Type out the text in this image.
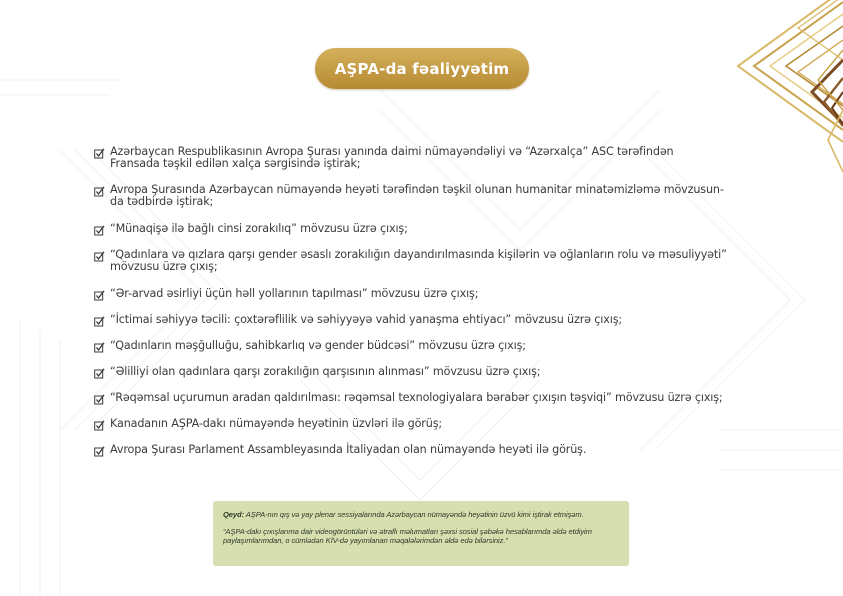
AŞPA-da fəaliyyətim
Azərbaycan Respublikasının Avropa Şurası yanında daimi nümayəndəliyi və “Azərxalça” ASC tərəfindən
Fransada təşkil edilən xalça sərgisində iştirak;
Avropa Şurasında Azərbaycan nümayəndə heyəti tərəfindən təşkil olunan humanitar minatəmizləmə mövzusun-
da tədbirdə iştirak;
“Münaqişə ilə bağlı cinsi zorakılıq” mövzusu üzrə çıxış;
“Qadınlara və qızlara qarşı gender əsaslı zorakılığın dayandırılmasında kişilərin və oğlanların rolu və məsuliyyəti”
mövzusu üzrə çıxış;
“Ər-arvad əsirliyi üçün həll yollarının tapılması” mövzusu üzrə çıxış;
“İctimai səhiyyə təcili: çoxtərəflilik və səhiyyəyə vahid yanaşma ehtiyacı” mövzusu üzrə çıxış;
“Qadınların məşğulluğu, sahibkarlıq və gender büdcəsi” mövzusu üzrə çıxış;
“Əlilliyi olan qadınlara qarşı zorakılığın qarşısının alınması” mövzusu üzrə çıxış;
“Rəqəmsal uçurumun aradan qaldırılması: rəqəmsal texnologiyalara bərabər çıxışın təşviqi” mövzusu üzrə çıxış;
Kanadanın AŞPA-dakı nümayəndə heyətinin üzvləri ilə görüş;
Avropa Şurası Parlament Assambleyasında İtaliyadan olan nümayəndə heyəti ilə görüş.
Qeyd: AŞPA-nın qış və yay plenar sessiyalarında Azərbaycan nümayəndə heyətinin üzvü kimi iştirak etmişəm.
“AŞPA-dakı çıxışlarıma dair videogörüntüləri və ətraflı məlumatları şəxsi sosial şəbəkə hesablarımda əldə etdiyim
paylaşımlarımdan, o cümlədən KİV-də yayımlanan məqalələrimdən əldə edə bilərsiniz.”
